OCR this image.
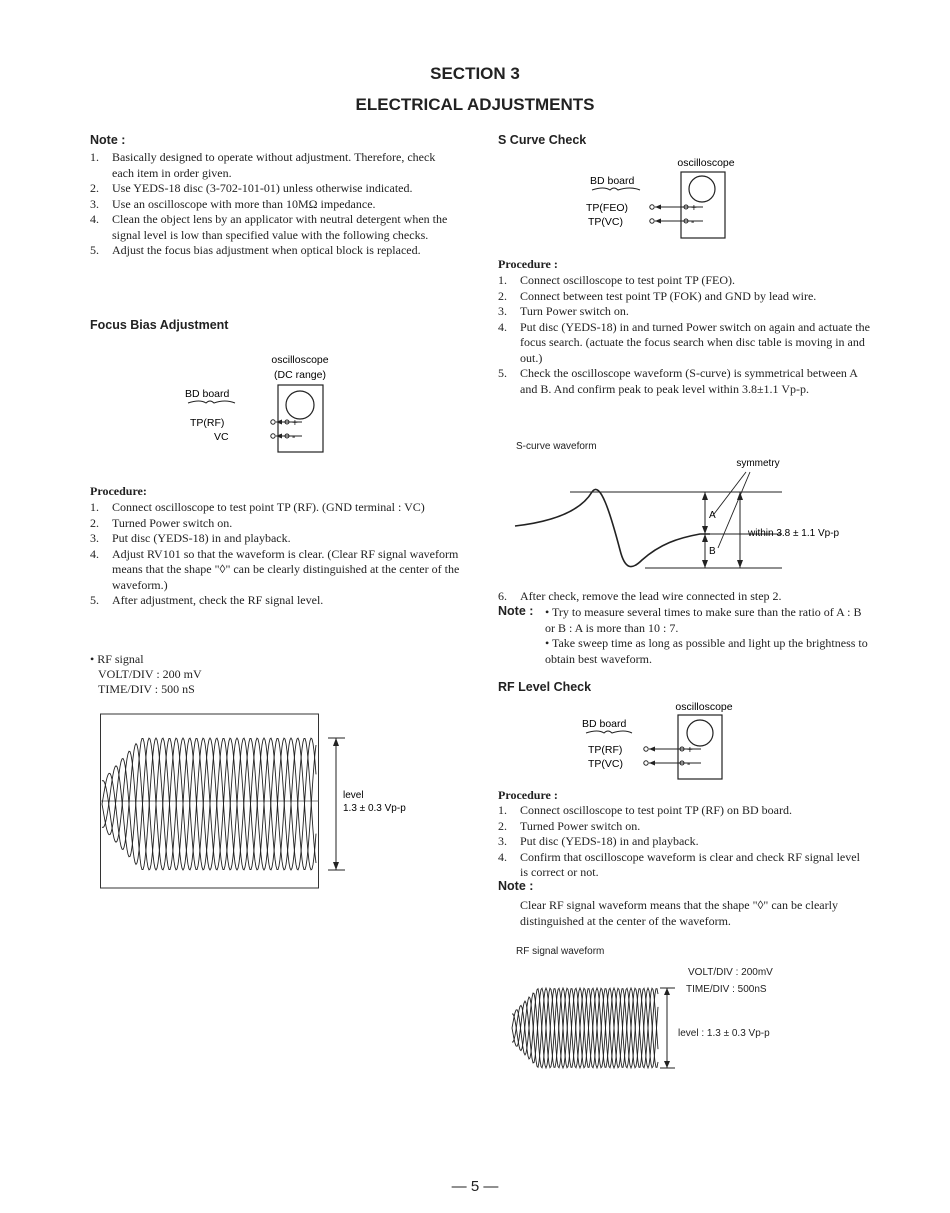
SECTION 3
ELECTRICAL ADJUSTMENTS
Note :
1. Basically designed to operate without adjustment. Therefore, check each item in order given.
2. Use YEDS-18 disc (3-702-101-01) unless otherwise indicated.
3. Use an oscilloscope with more than 10MΩ impedance.
4. Clean the object lens by an applicator with neutral detergent when the signal level is low than specified value with the following checks.
5. Adjust the focus bias adjustment when optical block is replaced.
Focus Bias Adjustment
oscilloscope
(DC range)
BD board
TP(RF)
VC
+
-
Procedure:
1. Connect oscilloscope to test point TP (RF). (GND terminal : VC)
2. Turned Power switch on.
3. Put disc (YEDS-18) in and playback.
4. Adjust RV101 so that the waveform is clear. (Clear RF signal waveform means that the shape "◊" can be clearly distinguished at the center of the waveform.)
5. After adjustment, check the RF signal level.
• RF signal
VOLT/DIV : 200 mV
TIME/DIV : 500 nS
level
1.3 ± 0.3 Vp-p
S Curve Check
oscilloscope
BD board
TP(FEO)
TP(VC)
+
-
Procedure :
1. Connect oscilloscope to test point TP (FEO).
2. Connect between test point TP (FOK) and GND by lead wire.
3. Turn Power switch on.
4. Put disc (YEDS-18) in and turned Power switch on again and actuate the focus search. (actuate the focus search when disc table is moving in and out.)
5. Check the oscilloscope waveform (S-curve) is symmetrical between A and B. And confirm peak to peak level within 3.8±1.1 Vp-p.
S-curve waveform
symmetry
A
B
within 3.8 ± 1.1 Vp-p
6. After check, remove the lead wire connected in step 2.
Note : • Try to measure several times to make sure than the ratio of A : B or B : A is more than 10 : 7.
• Take sweep time as long as possible and light up the brightness to obtain best waveform.
RF Level Check
oscilloscope
BD board
TP(RF)
TP(VC)
+
-
Procedure :
1. Connect oscilloscope to test point TP (RF) on BD board.
2. Turned Power switch on.
3. Put disc (YEDS-18) in and playback.
4. Confirm that oscilloscope waveform is clear and check RF signal level is correct or not.
Note :
Clear RF signal waveform means that the shape "◊" can be clearly distinguished at the center of the waveform.
RF signal waveform
VOLT/DIV : 200mV
TIME/DIV : 500nS
level : 1.3 ± 0.3 Vp-p
— 5 —
